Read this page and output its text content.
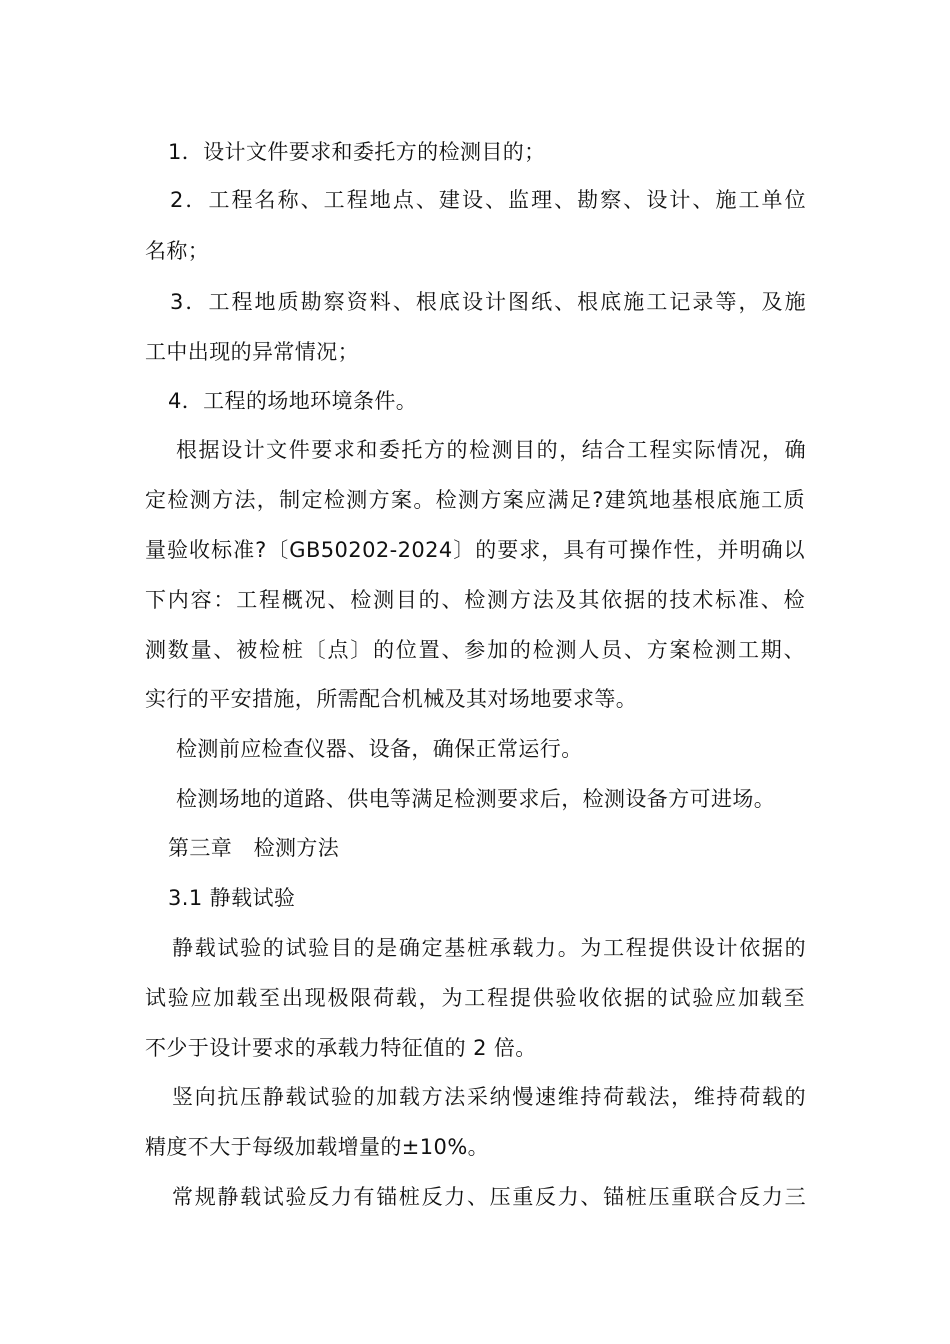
1．设计文件要求和委托方的检测目的；
2．工程名称、工程地点、建设、监理、勘察、设计、施工单位
名称；
3．工程地质勘察资料、根底设计图纸、根底施工记录等，及施
工中出现的异常情况；
4．工程的场地环境条件。
根据设计文件要求和委托方的检测目的，结合工程实际情况，确
定检测方法，制定检测方案。检测方案应满足?建筑地基根底施工质
量验收标准?〔GB50202-2024〕的要求，具有可操作性，并明确以
下内容：工程概况、检测目的、检测方法及其依据的技术标准、检
测数量、被检桩〔点〕的位置、参加的检测人员、方案检测工期、
实行的平安措施，所需配合机械及其对场地要求等。
检测前应检查仪器、设备，确保正常运行。
检测场地的道路、供电等满足检测要求后，检测设备方可进场。
第三章　检测方法
3.1 静载试验
静载试验的试验目的是确定基桩承载力。为工程提供设计依据的
试验应加载至出现极限荷载，为工程提供验收依据的试验应加载至
不少于设计要求的承载力特征值的 2 倍。
竖向抗压静载试验的加载方法采纳慢速维持荷载法，维持荷载的
精度不大于每级加载增量的±10%。
常规静载试验反力有锚桩反力、压重反力、锚桩压重联合反力三
